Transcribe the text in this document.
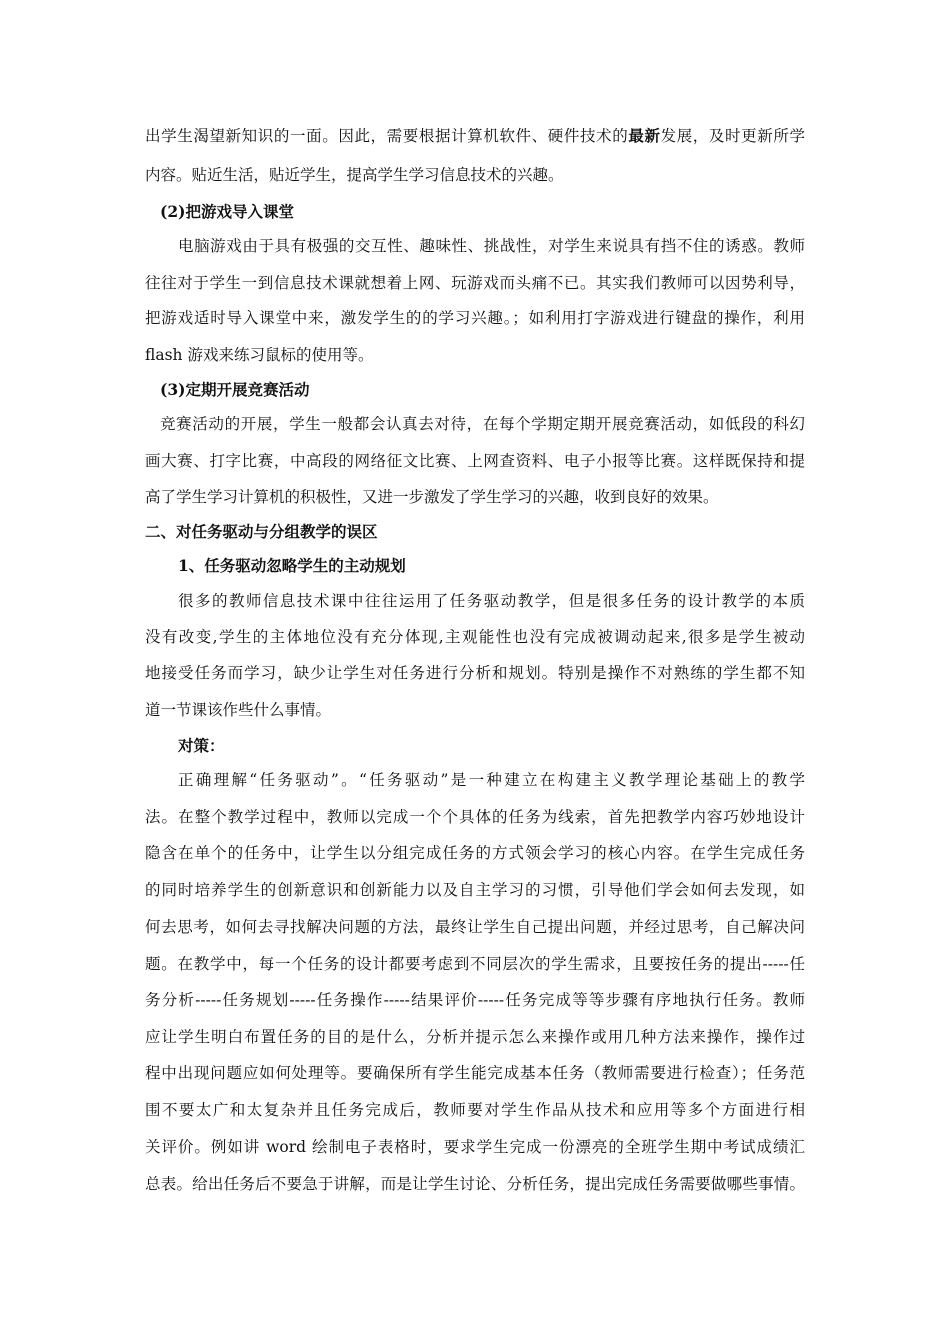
出学生渴望新知识的一面。因此，需要根据计算机软件、硬件技术的最新发展，及时更新所学
内容。贴近生活，贴近学生，提高学生学习信息技术的兴趣。
(2)把游戏导入课堂
电脑游戏由于具有极强的交互性、趣味性、挑战性，对学生来说具有挡不住的诱惑。教师
往往对于学生一到信息技术课就想着上网、玩游戏而头痛不已。其实我们教师可以因势利导，
把游戏适时导入课堂中来，激发学生的的学习兴趣。；如利用打字游戏进行键盘的操作，利用
flash 游戏来练习鼠标的使用等。
(3)定期开展竞赛活动
竞赛活动的开展，学生一般都会认真去对待，在每个学期定期开展竞赛活动，如低段的科幻
画大赛、打字比赛，中高段的网络征文比赛、上网查资料、电子小报等比赛。这样既保持和提
高了学生学习计算机的积极性，又进一步激发了学生学习的兴趣，收到良好的效果。
二、对任务驱动与分组教学的误区
1、任务驱动忽略学生的主动规划
很多的教师信息技术课中往往运用了任务驱动教学，但是很多任务的设计教学的本质
没有改变,学生的主体地位没有充分体现,主观能性也没有完成被调动起来,很多是学生被动
地接受任务而学习，缺少让学生对任务进行分析和规划。特别是操作不对熟练的学生都不知
道一节课该作些什么事情。
对策：
正确理解“任务驱动”。“任务驱动”是一种建立在构建主义教学理论基础上的教学
法。在整个教学过程中，教师以完成一个个具体的任务为线索，首先把教学内容巧妙地设计
隐含在单个的任务中，让学生以分组完成任务的方式领会学习的核心内容。在学生完成任务
的同时培养学生的创新意识和创新能力以及自主学习的习惯，引导他们学会如何去发现，如
何去思考，如何去寻找解决问题的方法，最终让学生自己提出问题，并经过思考，自己解决问
题。在教学中，每一个任务的设计都要考虑到不同层次的学生需求，且要按任务的提出-----任
务分析-----任务规划-----任务操作-----结果评价-----任务完成等等步骤有序地执行任务。教师
应让学生明白布置任务的目的是什么，分析并提示怎么来操作或用几种方法来操作，操作过
程中出现问题应如何处理等。要确保所有学生能完成基本任务（教师需要进行检查）；任务范
围不要太广和太复杂并且任务完成后，教师要对学生作品从技术和应用等多个方面进行相
关评价。例如讲 word 绘制电子表格时，要求学生完成一份漂亮的全班学生期中考试成绩汇
总表。给出任务后不要急于讲解，而是让学生讨论、分析任务，提出完成任务需要做哪些事情。
